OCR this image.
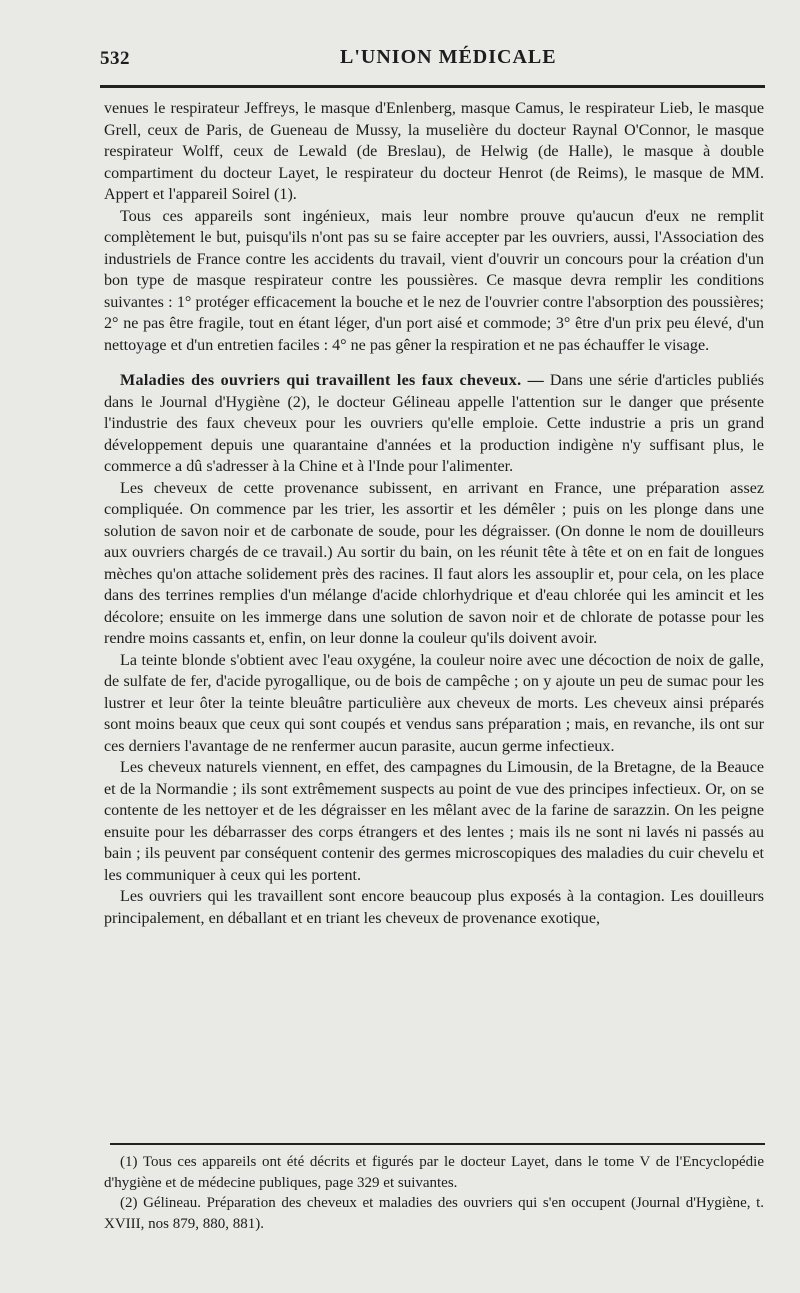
532	L'UNION MÉDICALE

venues le respirateur Jeffreys, le masque d'Enlenberg, masque Camus, le respirateur Lieb, le masque Grell, ceux de Paris, de Gueneau de Mussy, la muselière du docteur Raynal O'Connor, le masque respirateur Wolff, ceux de Lewald (de Breslau), de Helwig (de Halle), le masque à double compartiment du docteur Layet, le respirateur du docteur Henrot (de Reims), le masque de MM. Appert et l'appareil Soirel (1).

Tous ces appareils sont ingénieux, mais leur nombre prouve qu'aucun d'eux ne remplit complètement le but, puisqu'ils n'ont pas su se faire accepter par les ouvriers, aussi, l'Association des industriels de France contre les accidents du travail, vient d'ouvrir un concours pour la création d'un bon type de masque respirateur contre les poussières. Ce masque devra remplir les conditions suivantes : 1° protéger efficacement la bouche et le nez de l'ouvrier contre l'absorption des poussières; 2° ne pas être fragile, tout en étant léger, d'un port aisé et commode; 3° être d'un prix peu élevé, d'un nettoyage et d'un entretien faciles : 4° ne pas gêner la respiration et ne pas échauffer le visage.

Maladies des ouvriers qui travaillent les faux cheveux. — Dans une série d'articles publiés dans le Journal d'Hygiène (2), le docteur Gélineau appelle l'attention sur le danger que présente l'industrie des faux cheveux pour les ouvriers qu'elle emploie. Cette industrie a pris un grand développement depuis une quarantaine d'années et la production indigène n'y suffisant plus, le commerce a dû s'adresser à la Chine et à l'Inde pour l'alimenter.

Les cheveux de cette provenance subissent, en arrivant en France, une préparation assez compliquée. On commence par les trier, les assortir et les démêler ; puis on les plonge dans une solution de savon noir et de carbonate de soude, pour les dégraisser. (On donne le nom de douilleurs aux ouvriers chargés de ce travail.) Au sortir du bain, on les réunit tête à tête et on en fait de longues mèches qu'on attache solidement près des racines. Il faut alors les assouplir et, pour cela, on les place dans des terrines remplies d'un mélange d'acide chlorhydrique et d'eau chlorée qui les amincit et les décolore; ensuite on les immerge dans une solution de savon noir et de chlorate de potasse pour les rendre moins cassants et, enfin, on leur donne la couleur qu'ils doivent avoir.

La teinte blonde s'obtient avec l'eau oxygéne, la couleur noire avec une décoction de noix de galle, de sulfate de fer, d'acide pyrogallique, ou de bois de campêche ; on y ajoute un peu de sumac pour les lustrer et leur ôter la teinte bleuâtre particulière aux cheveux de morts. Les cheveux ainsi préparés sont moins beaux que ceux qui sont coupés et vendus sans préparation ; mais, en revanche, ils ont sur ces derniers l'avantage de ne renfermer aucun parasite, aucun germe infectieux.

Les cheveux naturels viennent, en effet, des campagnes du Limousin, de la Bretagne, de la Beauce et de la Normandie ; ils sont extrêmement suspects au point de vue des principes infectieux. Or, on se contente de les nettoyer et de les dégraisser en les mêlant avec de la farine de sarazzin. On les peigne ensuite pour les débarrasser des corps étrangers et des lentes ; mais ils ne sont ni lavés ni passés au bain ; ils peuvent par conséquent contenir des germes microscopiques des maladies du cuir chevelu et les communiquer à ceux qui les portent.

Les ouvriers qui les travaillent sont encore beaucoup plus exposés à la contagion. Les douilleurs principalement, en déballant et en triant les cheveux de provenance exotique,

(1) Tous ces appareils ont été décrits et figurés par le docteur Layet, dans le tome V de l'Encyclopédie d'hygiène et de médecine publiques, page 329 et suivantes.

(2) Gélineau. Préparation des cheveux et maladies des ouvriers qui s'en occupent (Journal d'Hygiène, t. XVIII, nos 879, 880, 881).
